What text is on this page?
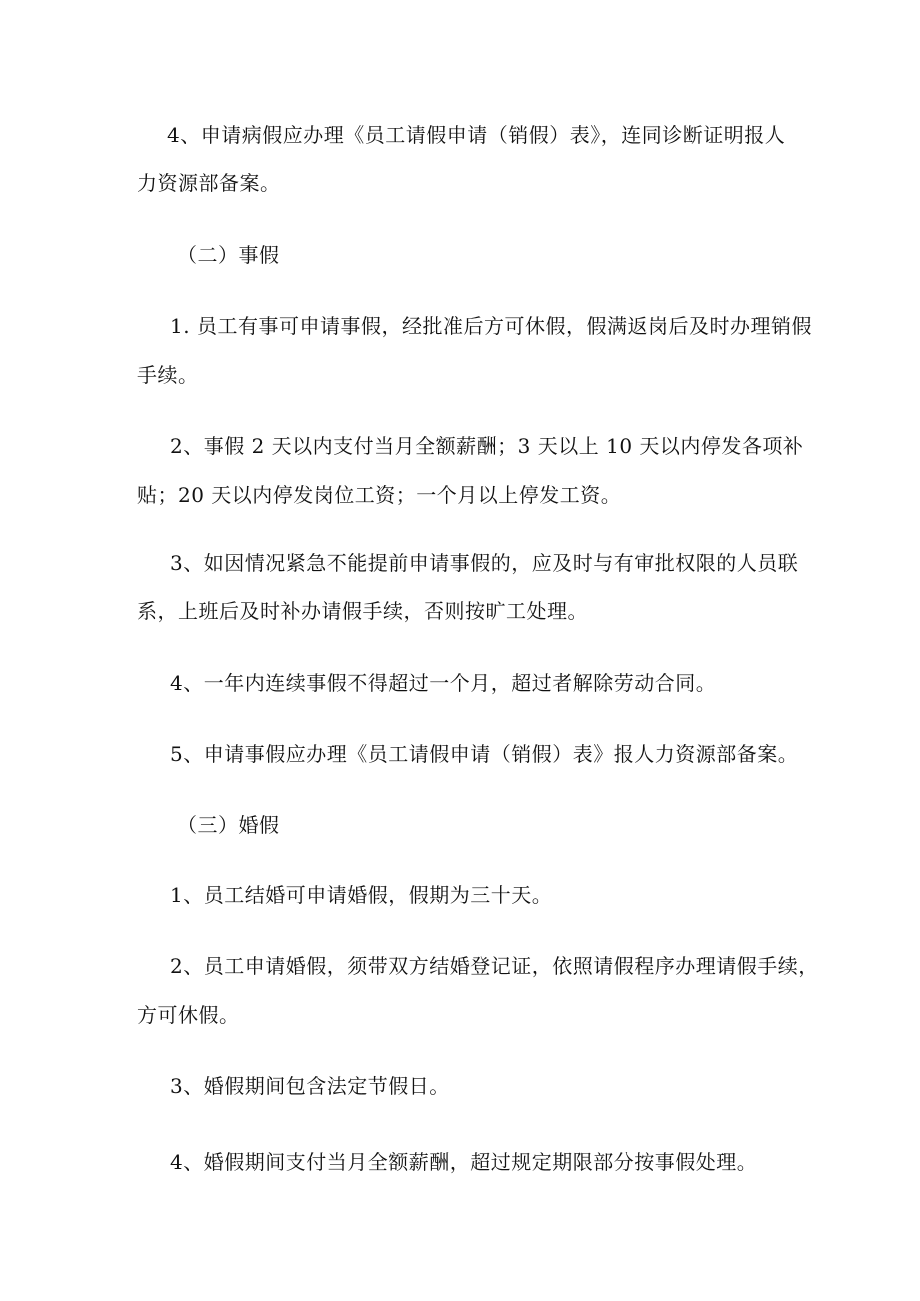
4、申请病假应办理《员工请假申请（销假）表》，连同诊断证明报人
力资源部备案。
（二）事假
1. 员工有事可申请事假，经批准后方可休假，假满返岗后及时办理销假
手续。
2、事假 2 天以内支付当月全额薪酬；3 天以上 10 天以内停发各项补
贴；20 天以内停发岗位工资；一个月以上停发工资。
3、如因情况紧急不能提前申请事假的，应及时与有审批权限的人员联
系，上班后及时补办请假手续，否则按旷工处理。
4、一年内连续事假不得超过一个月，超过者解除劳动合同。
5、申请事假应办理《员工请假申请（销假）表》报人力资源部备案。
（三）婚假
1、员工结婚可申请婚假，假期为三十天。
2、员工申请婚假，须带双方结婚登记证，依照请假程序办理请假手续，
方可休假。
3、婚假期间包含法定节假日。
4、婚假期间支付当月全额薪酬，超过规定期限部分按事假处理。
